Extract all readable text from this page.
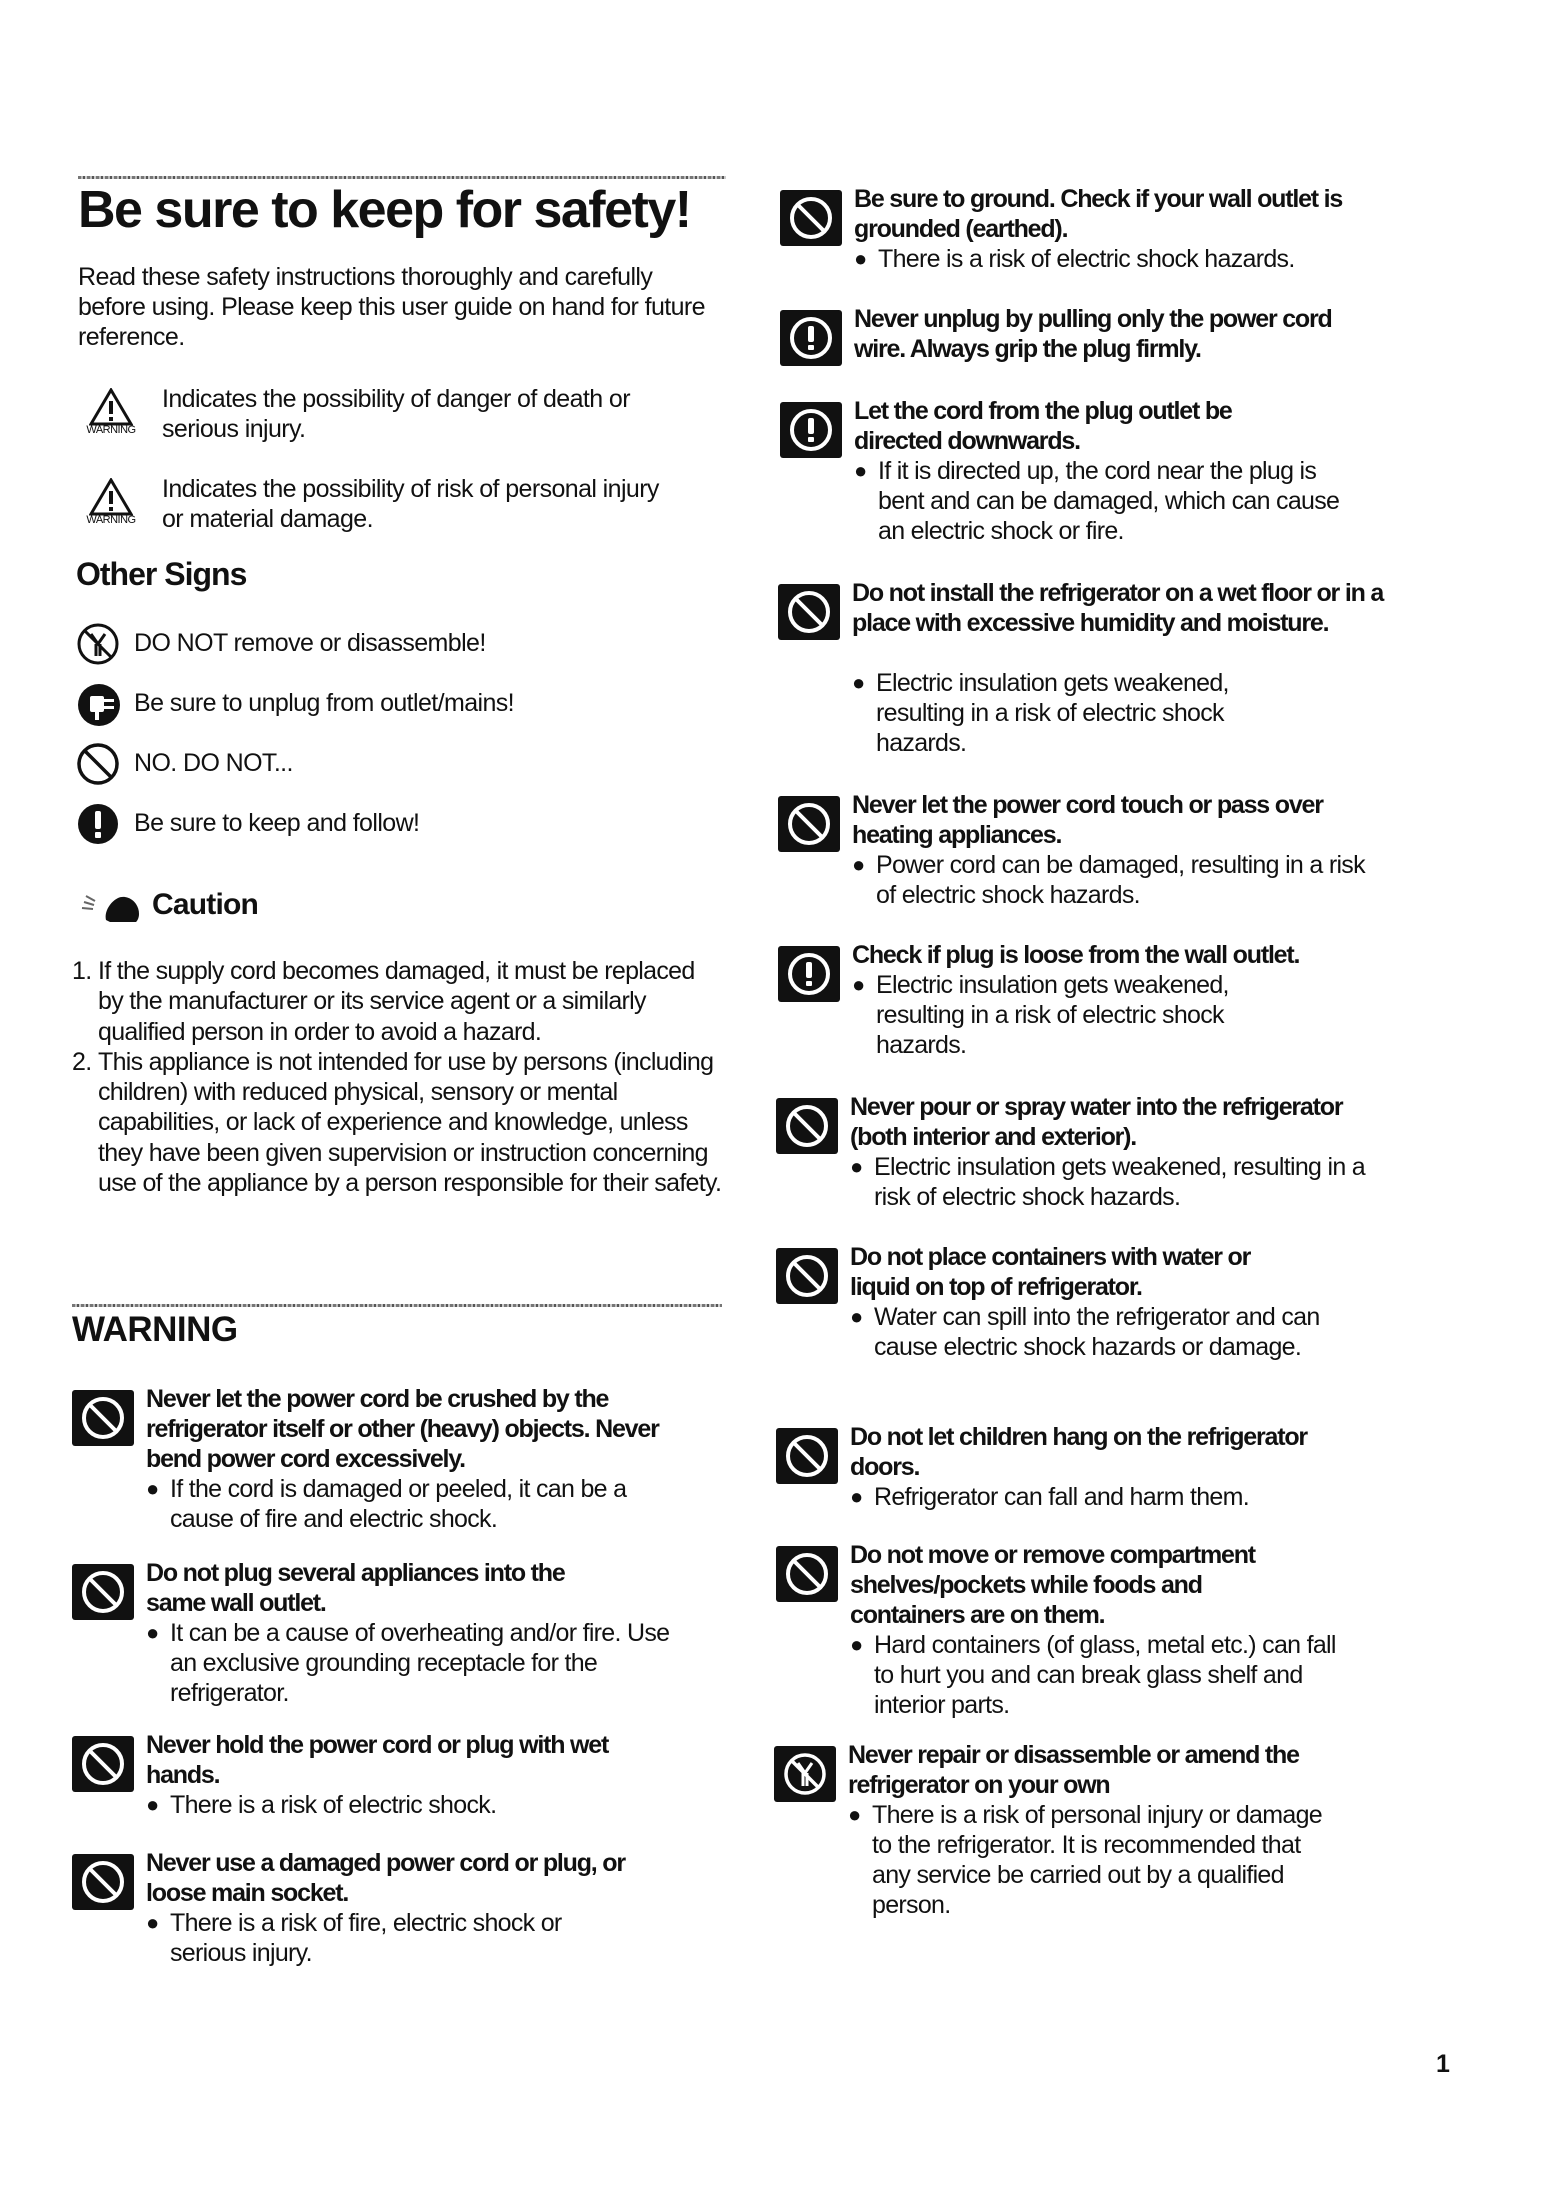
Be sure to keep for safety!

Read these safety instructions thoroughly and carefully before using. Please keep this user guide on hand for future reference.

WARNING
Indicates the possibility of danger of death or serious injury.
WARNING
Indicates the possibility of risk of personal injury or material damage.
Other Signs
DO NOT remove or disassemble!
Be sure to unplug from outlet/mains!
NO. DO NOT...
Be sure to keep and follow!
Caution
1. If the supply cord becomes damaged, it must be replaced by the manufacturer or its service agent or a similarly qualified person in order to avoid a hazard.
2. This appliance is not intended for use by persons (including children) with reduced physical, sensory or mental capabilities, or lack of experience and knowledge, unless they have been given supervision or instruction concerning use of the appliance by a person responsible for their safety.
WARNING
Never let the power cord be crushed by the refrigerator itself or other (heavy) objects. Never bend power cord excessively.
● If the cord is damaged or peeled, it can be a cause of fire and electric shock.
Do not plug several appliances into the same wall outlet.
● It can be a cause of overheating and/or fire. Use an exclusive grounding receptacle for the refrigerator.
Never hold the power cord or plug with wet hands.
● There is a risk of electric shock.
Never use a damaged power cord or plug, or loose main socket.
● There is a risk of fire, electric shock or serious injury.
Be sure to ground. Check if your wall outlet is grounded (earthed).
● There is a risk of electric shock hazards.
Never unplug by pulling only the power cord wire. Always grip the plug firmly.
Let the cord from the plug outlet be directed downwards.
● If it is directed up, the cord near the plug is bent and can be damaged, which can cause an electric shock or fire.
Do not install the refrigerator on a wet floor or in a place with excessive humidity and moisture.
● Electric insulation gets weakened, resulting in a risk of electric shock hazards.
Never let the power cord touch or pass over heating appliances.
● Power cord can be damaged, resulting in a risk of electric shock hazards.
Check if plug is loose from the wall outlet.
● Electric insulation gets weakened, resulting in a risk of electric shock hazards.
Never pour or spray water into the refrigerator (both interior and exterior).
● Electric insulation gets weakened, resulting in a risk of electric shock hazards.
Do not place containers with water or liquid on top of refrigerator.
● Water can spill into the refrigerator and can cause electric shock hazards or damage.
Do not let children hang on the refrigerator doors.
● Refrigerator can fall and harm them.
Do not move or remove compartment shelves/pockets while foods and containers are on them.
● Hard containers (of glass, metal etc.) can fall to hurt you and can break glass shelf and interior parts.
Never repair or disassemble or amend the refrigerator on your own
● There is a risk of personal injury or damage to the refrigerator. It is recommended that any service be carried out by a qualified person.
1
